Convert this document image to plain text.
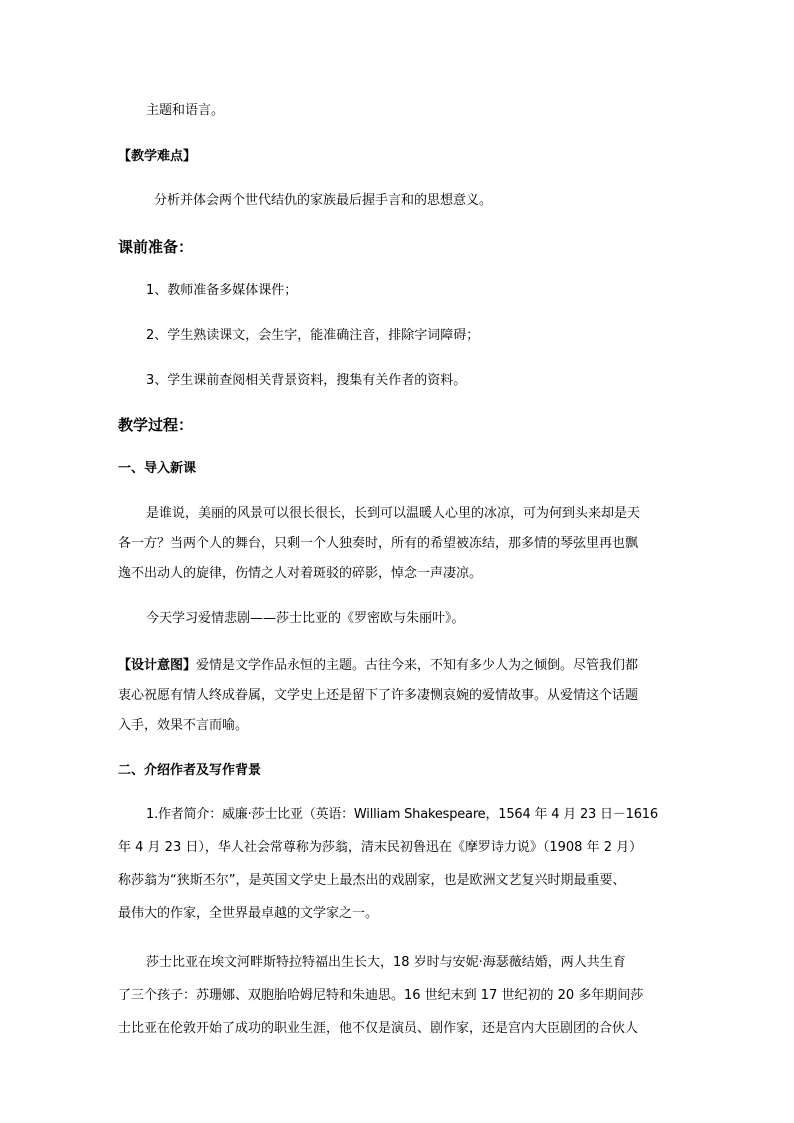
主题和语言。
【教学难点】
分析并体会两个世代结仇的家族最后握手言和的思想意义。
课前准备：
1、教师准备多媒体课件；
2、学生熟读课文，会生字，能准确注音，排除字词障碍；
3、学生课前查阅相关背景资料，搜集有关作者的资料。
教学过程：
一、导入新课
是谁说，美丽的风景可以很长很长，长到可以温暖人心里的冰凉，可为何到头来却是天
各一方？当两个人的舞台，只剩一个人独奏时，所有的希望被冻结，那多情的琴弦里再也飘
逸不出动人的旋律，伤情之人对着斑驳的碎影，悼念一声凄凉。
今天学习爱情悲剧——莎士比亚的《罗密欧与朱丽叶》。
【设计意图】爱情是文学作品永恒的主题。古往今来，不知有多少人为之倾倒。尽管我们都
衷心祝愿有情人终成眷属，文学史上还是留下了许多凄恻哀婉的爱情故事。从爱情这个话题
入手，效果不言而喻。
二、介绍作者及写作背景
1.作者简介：威廉·莎士比亚（英语：William Shakespeare，1564 年 4 月 23 日－1616
年 4 月 23 日），华人社会常尊称为莎翁，清末民初鲁迅在《摩罗诗力说》（1908 年 2 月）
称莎翁为“狭斯丕尔”，是英国文学史上最杰出的戏剧家，也是欧洲文艺复兴时期最重要、
最伟大的作家，全世界最卓越的文学家之一。
莎士比亚在埃文河畔斯特拉特福出生长大，18 岁时与安妮·海瑟薇结婚，两人共生育
了三个孩子：苏珊娜、双胞胎哈姆尼特和朱迪思。16 世纪末到 17 世纪初的 20 多年期间莎
士比亚在伦敦开始了成功的职业生涯，他不仅是演员、剧作家，还是宫内大臣剧团的合伙人
